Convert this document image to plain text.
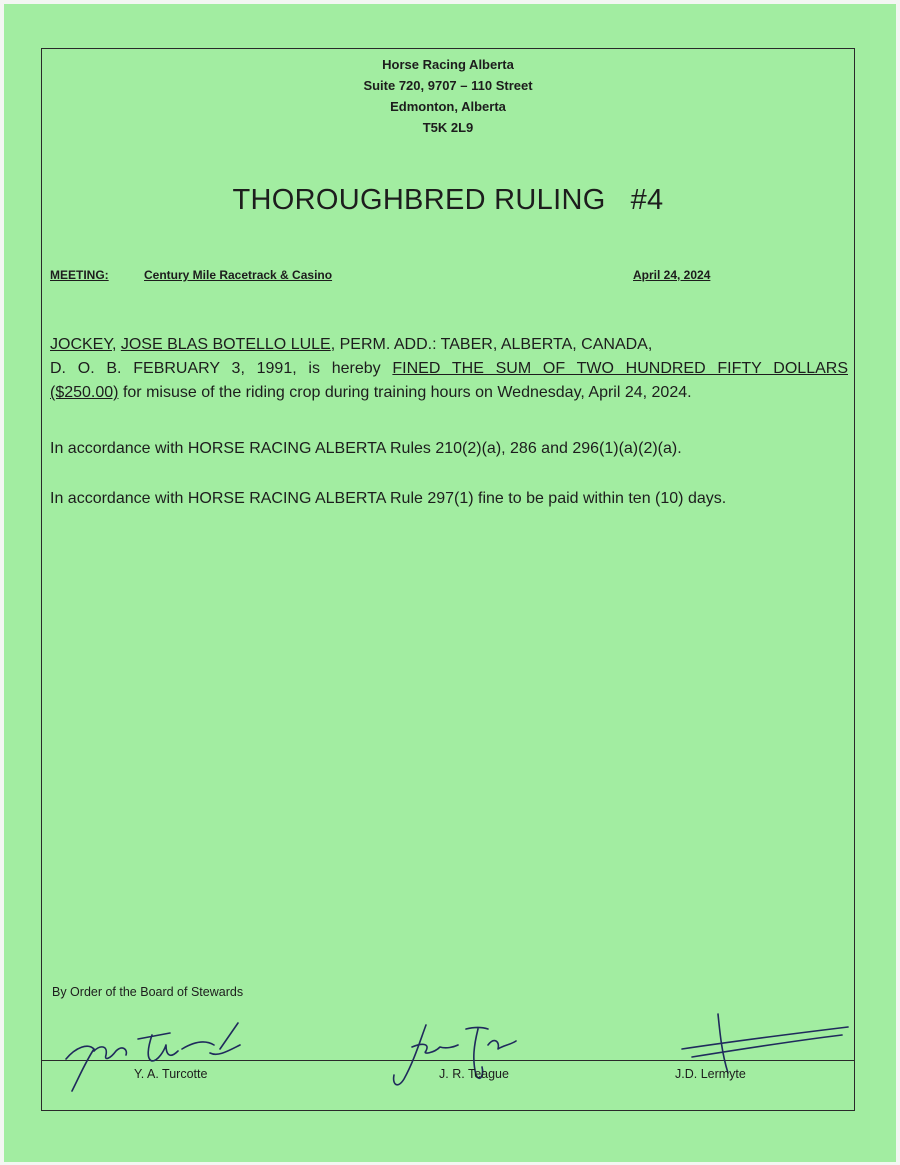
Horse Racing Alberta
Suite 720, 9707 – 110 Street
Edmonton, Alberta
T5K 2L9
THOROUGHBRED RULING   #4
MEETING:	Century Mile Racetrack & Casino	April 24, 2024
JOCKEY, JOSE BLAS BOTELLO LULE, PERM. ADD.: TABER, ALBERTA, CANADA,
D. O. B. FEBRUARY 3, 1991, is hereby FINED THE SUM OF TWO HUNDRED FIFTY DOLLARS
($250.00) for misuse of the riding crop during training hours on Wednesday, April 24, 2024.
In accordance with HORSE RACING ALBERTA Rules 210(2)(a), 286 and 296(1)(a)(2)(a).
In accordance with HORSE RACING ALBERTA Rule 297(1) fine to be paid within ten (10) days.
By Order of the Board of Stewards
Y. A. Turcotte	J. R. Teague	J.D. Lermyte
